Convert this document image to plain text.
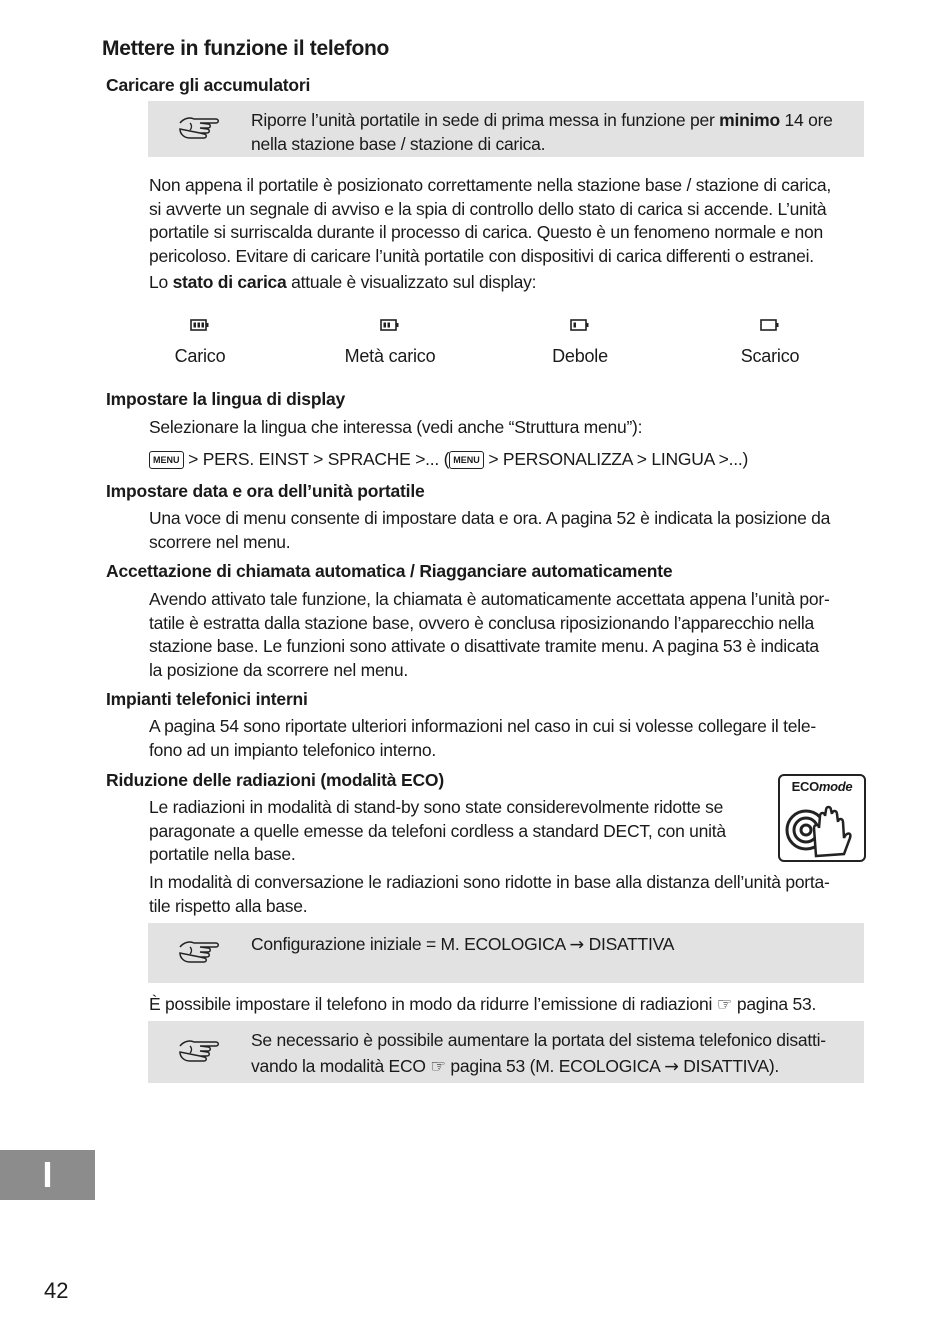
Mettere in funzione il telefono
Caricare gli accumulatori
Riporre l’unità portatile in sede di prima messa in funzione per minimo 14 ore
nella stazione base / stazione di carica.
Non appena il portatile è posizionato correttamente nella stazione base / stazione di carica,
si avverte un segnale di avviso e la spia di controllo dello stato di carica si accende. L’unità
portatile si surriscalda durante il processo di carica. Questo è un fenomeno normale e non
pericoloso. Evitare di caricare l’unità portatile con dispositivi di carica differenti o estranei.
Lo stato di carica attuale è visualizzato sul display:
Carico	Metà carico	Debole	Scarico
Impostare la lingua di display
Selezionare la lingua che interessa (vedi anche “Struttura menu”):
MENU > PERS. EINST > SPRACHE >... ( MENU > PERSONALIZZA > LINGUA >...)
Impostare data e ora dell’unità portatile
Una voce di menu consente di impostare data e ora. A pagina 52 è indicata la posizione da
scorrere nel menu.
Accettazione di chiamata automatica / Riagganciare automaticamente
Avendo attivato tale funzione, la chiamata è automaticamente accettata appena l’unità por-
tatile è estratta dalla stazione base, ovvero è conclusa riposizionando l’apparecchio nella
stazione base. Le funzioni sono attivate o disattivate tramite menu. A pagina 53 è indicata
la posizione da scorrere nel menu.
Impianti telefonici interni
A pagina 54 sono riportate ulteriori informazioni nel caso in cui si volesse collegare il tele-
fono ad un impianto telefonico interno.
Riduzione delle radiazioni (modalità ECO)	ECOmode
Le radiazioni in modalità di stand-by sono state considerevolmente ridotte se
paragonate a quelle emesse da telefoni cordless a standard DECT, con unità
portatile nella base.
In modalità di conversazione le radiazioni sono ridotte in base alla distanza dell’unità porta-
tile rispetto alla base.
Configurazione iniziale = M. ECOLOGICA → DISATTIVA
È possibile impostare il telefono in modo da ridurre l’emissione di radiazioni ☞ pagina 53.
Se necessario è possibile aumentare la portata del sistema telefonico disatti-
vando la modalità ECO ☞ pagina 53 (M. ECOLOGICA → DISATTIVA).
I
42
